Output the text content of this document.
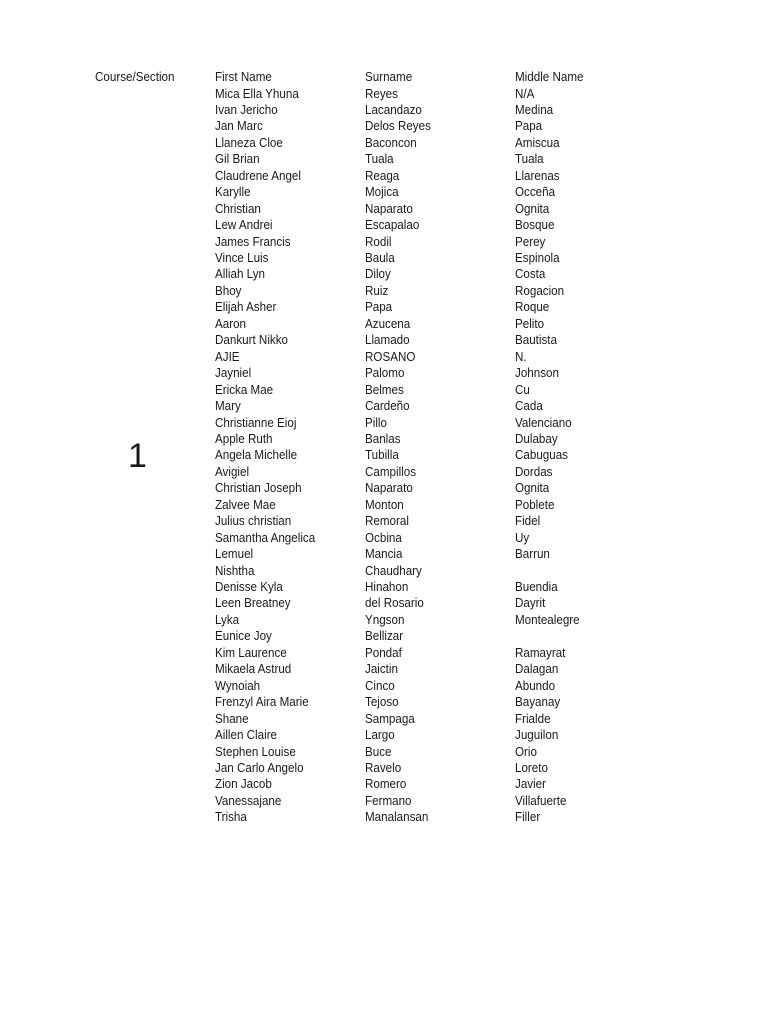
Course/Section	First Name	Surname	Middle Name
1
Mica Ella Yhuna	Reyes	N/A
Ivan Jericho	Lacandazo	Medina
Jan Marc	Delos Reyes	Papa
Llaneza Cloe	Baconcon	Amiscua
Gil Brian	Tuala	Tuala
Claudrene Angel	Reaga	Llarenas
Karylle	Mojica	Occeña
Christian	Naparato	Ognita
Lew Andrei	Escapalao	Bosque
James Francis	Rodil	Perey
Vince Luis	Baula	Espinola
Alliah Lyn	Diloy	Costa
Bhoy	Ruiz	Rogacion
Elijah Asher	Papa	Roque
Aaron	Azucena	Pelito
Dankurt Nikko	Llamado	Bautista
AJIE	ROSANO	N.
Jayniel	Palomo	Johnson
Ericka Mae	Belmes	Cu
Mary	Cardeño	Cada
Christianne Eioj	Pillo	Valenciano
Apple Ruth	Banlas	Dulabay
Angela Michelle	Tubilla	Cabuguas
Avigiel	Campillos	Dordas
Christian Joseph	Naparato	Ognita
Zalvee Mae	Monton	Poblete
Julius christian	Remoral	Fidel
Samantha Angelica	Ocbina	Uy
Lemuel	Mancia	Barrun
Nishtha	Chaudhary
Denisse Kyla	Hinahon	Buendia
Leen Breatney	del Rosario	Dayrit
Lyka	Yngson	Montealegre
Eunice Joy	Bellizar
Kim Laurence	Pondaf	Ramayrat
Mikaela Astrud	Jaictin	Dalagan
Wynoiah	Cinco	Abundo
Frenzyl Aira Marie	Tejoso	Bayanay
Shane	Sampaga	Frialde
Aillen Claire	Largo	Juguilon
Stephen Louise	Buce	Orio
Jan Carlo Angelo	Ravelo	Loreto
Zion Jacob	Romero	Javier
Vanessajane	Fermano	Villafuerte
Trisha	Manalansan	Filler
